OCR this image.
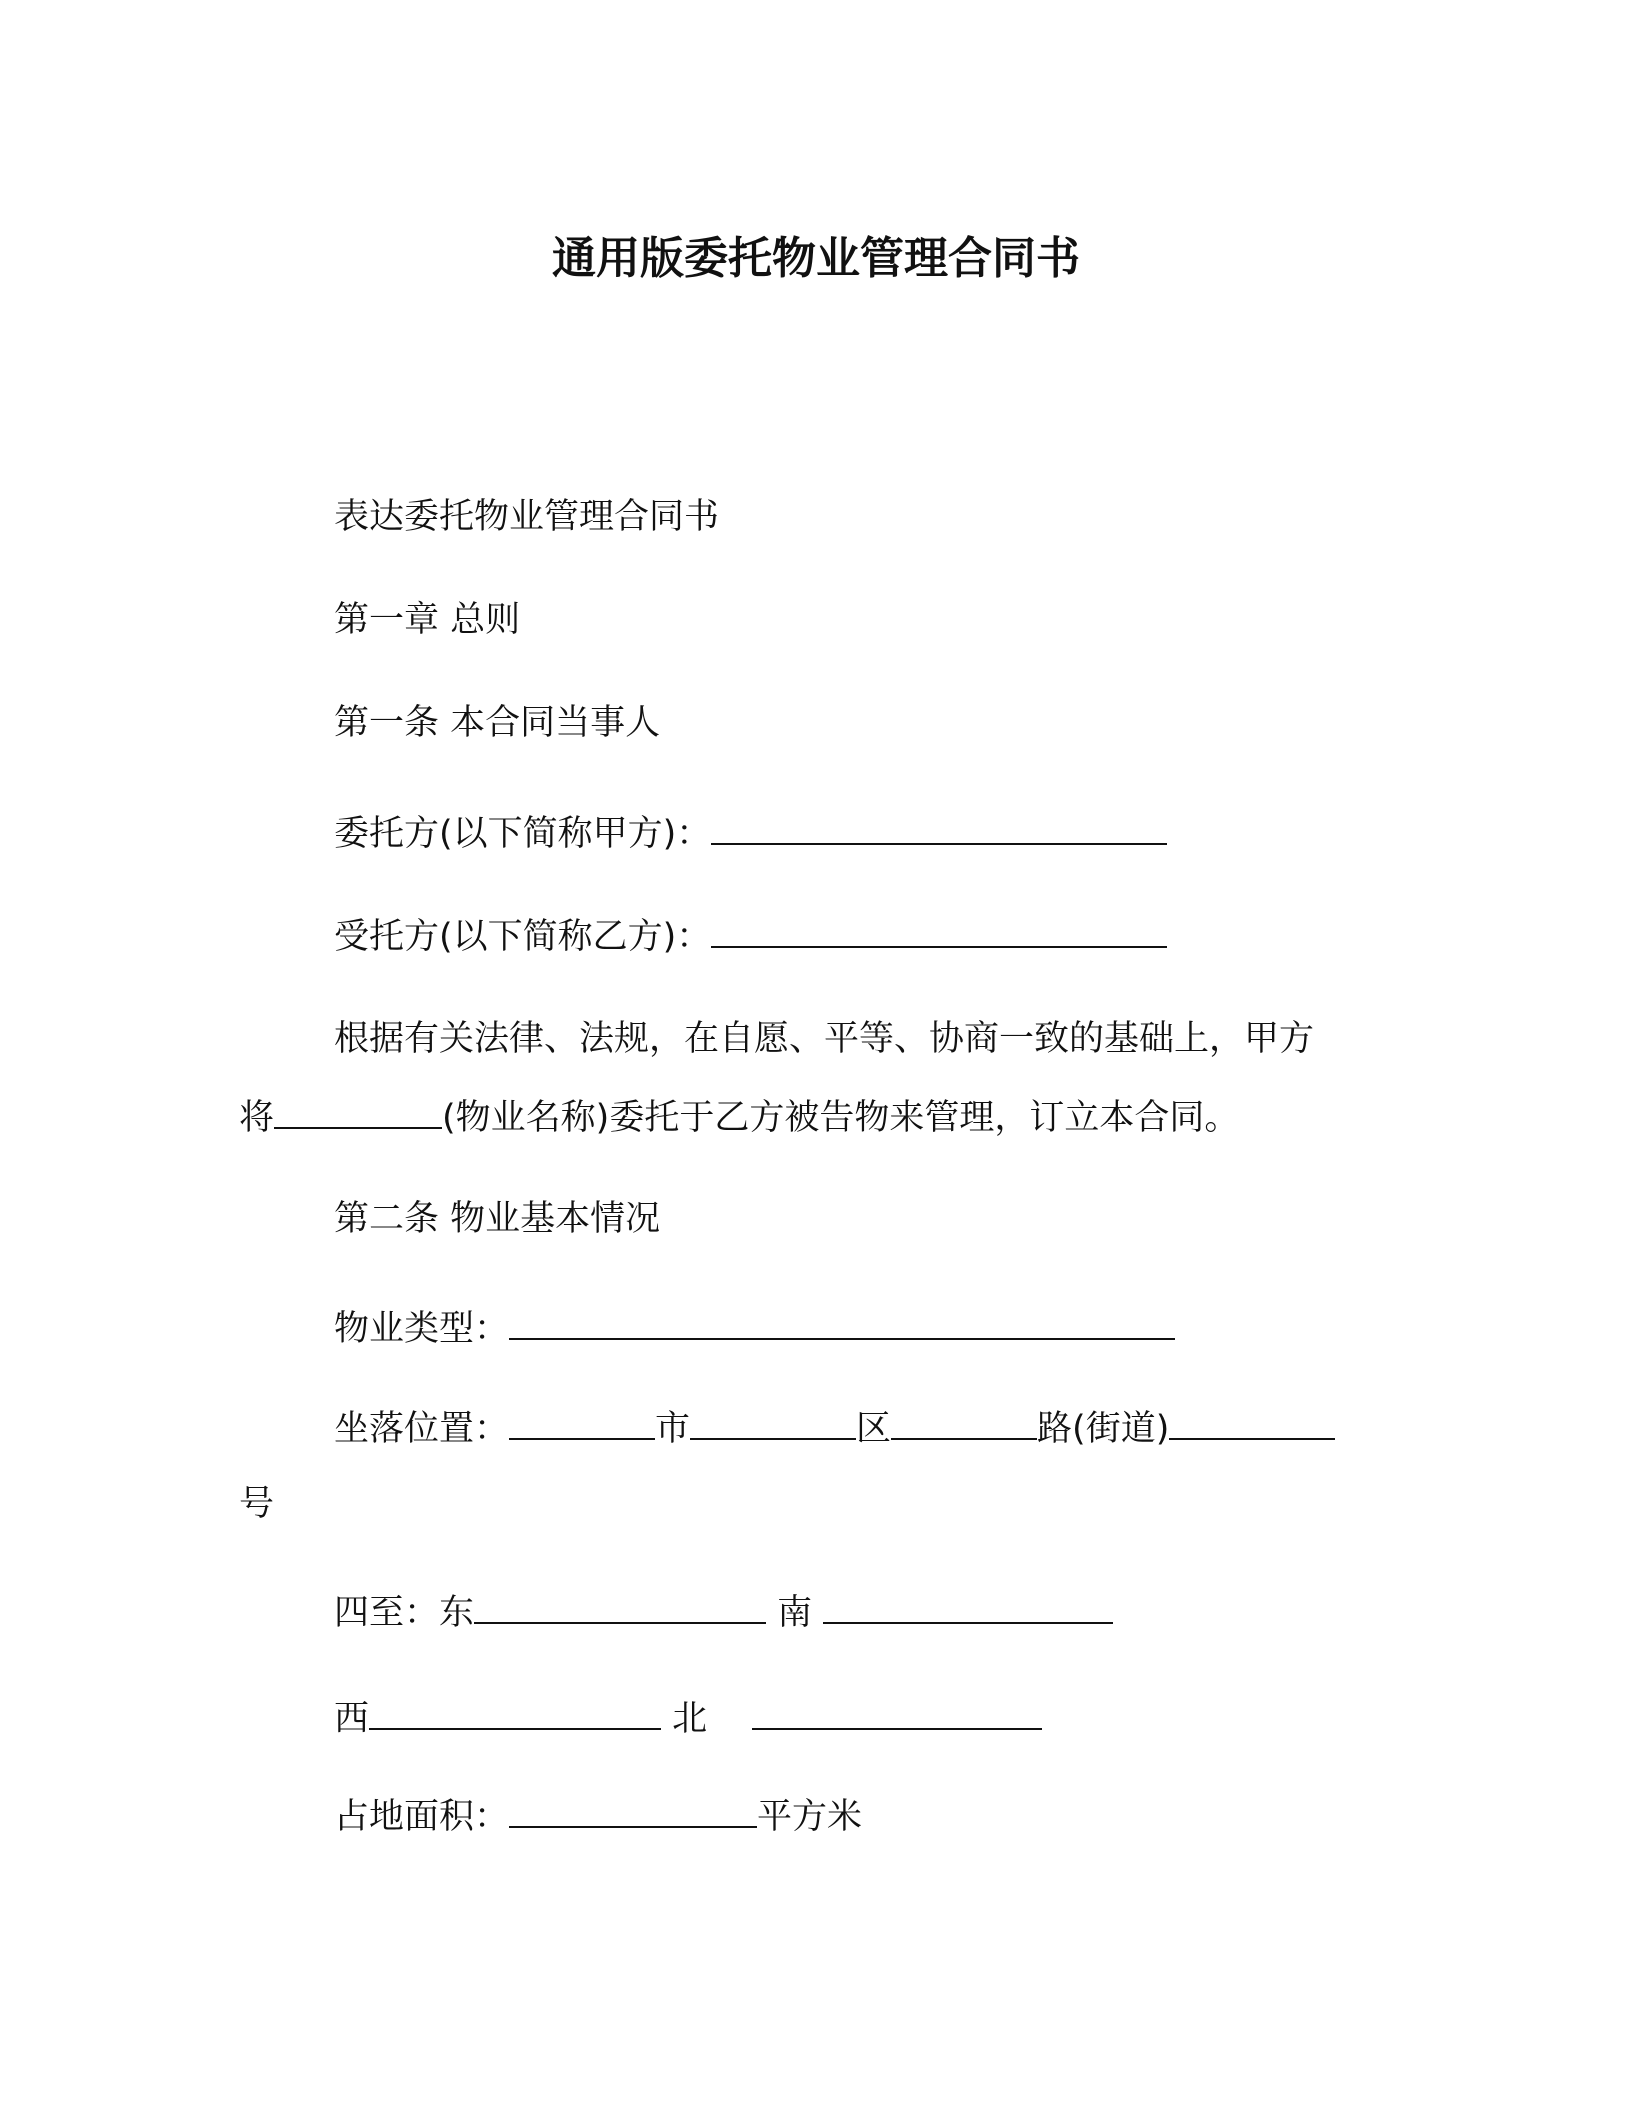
通用版委托物业管理合同书
表达委托物业管理合同书
第一章 总则
第一条 本合同当事人
委托方(以下简称甲方)：
受托方(以下简称乙方)：
根据有关法律、法规，在自愿、平等、协商一致的基础上，甲方
将	(物业名称)委托于乙方被告物来管理，订立本合同。
第二条 物业基本情况
物业类型：
坐落位置：	市	区	路(街道)
号
四至：东	南
西	北
占地面积：	平方米
